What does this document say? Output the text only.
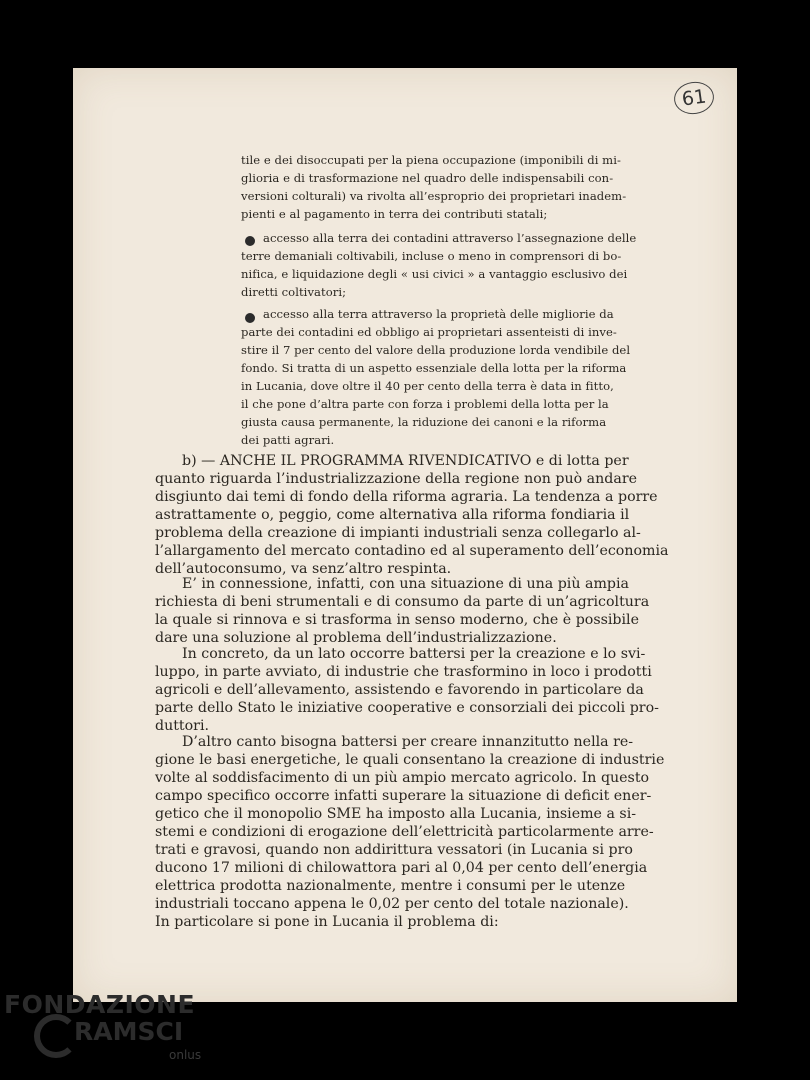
61
tile e dei disoccupati per la piena occupazione (imponibili di mi-
glioria e di trasformazione nel quadro delle indispensabili con-
versioni colturali) va rivolta all’esproprio dei proprietari inadem-
pienti e al pagamento in terra dei contributi statali;
accesso alla terra dei contadini attraverso l’assegnazione delle
terre demaniali coltivabili, incluse o meno in comprensori di bo-
nifica, e liquidazione degli « usi civici » a vantaggio esclusivo dei
diretti coltivatori;
accesso alla terra attraverso la proprietà delle migliorie da
parte dei contadini ed obbligo ai proprietari assenteisti di inve-
stire il 7 per cento del valore della produzione lorda vendibile del
fondo. Si tratta di un aspetto essenziale della lotta per la riforma
in Lucania, dove oltre il 40 per cento della terra è data in fitto,
il che pone d’altra parte con forza i problemi della lotta per la
giusta causa permanente, la riduzione dei canoni e la riforma
dei patti agrari.
b) — ANCHE IL PROGRAMMA RIVENDICATIVO e di lotta per
quanto riguarda l’industrializzazione della regione non può andare
disgiunto dai temi di fondo della riforma agraria. La tendenza a porre
astrattamente o, peggio, come alternativa alla riforma fondiaria il
problema della creazione di impianti industriali senza collegarlo al-
l’allargamento del mercato contadino ed al superamento dell’economia
dell’autoconsumo, va senz’altro respinta.
E’ in connessione, infatti, con una situazione di una più ampia
richiesta di beni strumentali e di consumo da parte di un’agricoltura
la quale si rinnova e si trasforma in senso moderno, che è possibile
dare una soluzione al problema dell’industrializzazione.
In concreto, da un lato occorre battersi per la creazione e lo svi-
luppo, in parte avviato, di industrie che trasformino in loco i prodotti
agricoli e dell’allevamento, assistendo e favorendo in particolare da
parte dello Stato le iniziative cooperative e consorziali dei piccoli pro-
duttori.
D’altro canto bisogna battersi per creare innanzitutto nella re-
gione le basi energetiche, le quali consentano la creazione di industrie
volte al soddisfacimento di un più ampio mercato agricolo. In questo
campo specifico occorre infatti superare la situazione di deficit ener-
getico che il monopolio SME ha imposto alla Lucania, insieme a si-
stemi e condizioni di erogazione dell’elettricità particolarmente arre-
trati e gravosi, quando non addirittura vessatori (in Lucania si pro
ducono 17 milioni di chilowattora pari al 0,04 per cento dell’energia
elettrica prodotta nazionalmente, mentre i consumi per le utenze
industriali toccano appena le 0,02 per cento del totale nazionale).
In particolare si pone in Lucania il problema di:
FONDAZIONE
RAMSCI
onlus
